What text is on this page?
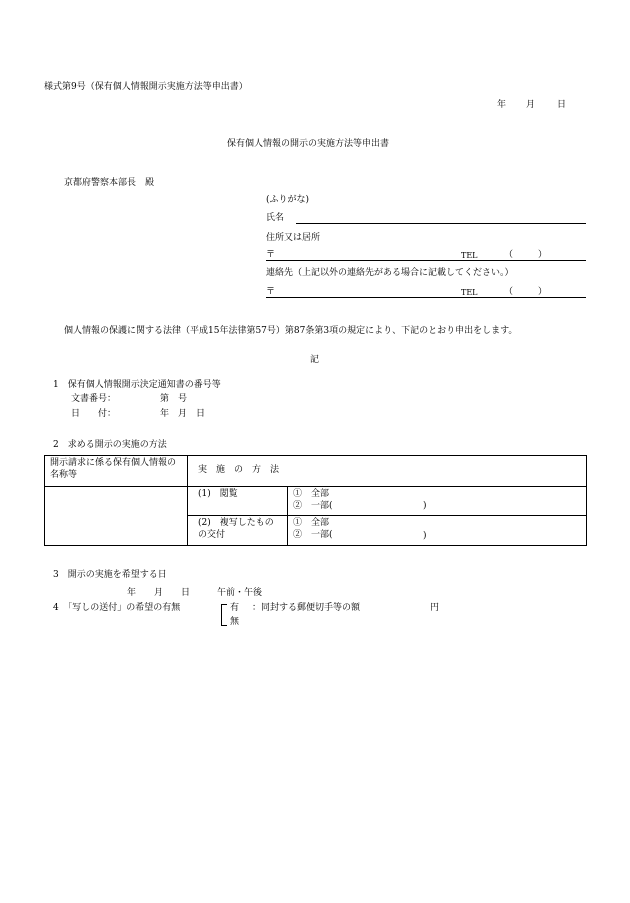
様式第9号（保有個人情報開示実施方法等申出書）
年 月 日
保有個人情報の開示の実施方法等申出書
京都府警察本部長　殿
(ふりがな)
氏名
住所又は居所
〒	TEL	（	）
連絡先（上記以外の連絡先がある場合に記載してください。）
〒	TEL	（	）
個人情報の保護に関する法律（平成15年法律第57号）第87条第3項の規定により、下記のとおり申出をします。
記
1　保有個人情報開示決定通知書の番号等
文書番号：	第　号
日　　付：	年　月　日
2　求める開示の実施の方法
開示請求に係る保有個人情報の名称等	実　施　の　方　法	
	(1)　閲覧	①　全部
②　一部( )

	(2)　複写したものの交付	①　全部
②　一部( )
3　開示の実施を希望する日
年　　月　　日　　　午前・午後
4　「写しの送付」の希望の有無	有 ：同封する郵便切手等の額	円
無
